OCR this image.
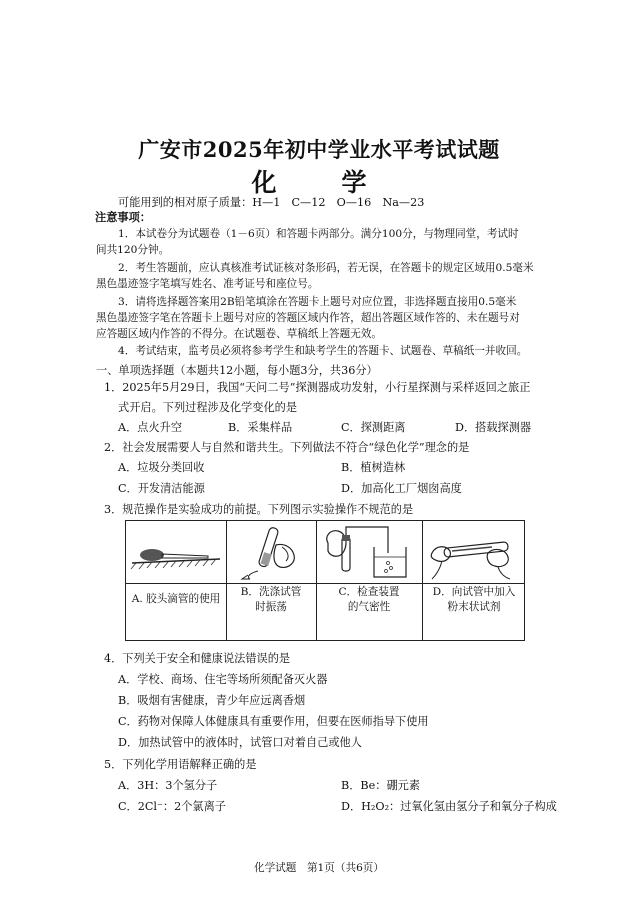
广安市2025年初中学业水平考试试题
化　学
可能用到的相对原子质量：H—1　C—12　O—16　Na—23
注意事项：
1．本试卷分为试题卷（1－6页）和答题卡两部分。满分100分，与物理同堂，考试时
间共120分钟。
2．考生答题前，应认真核准考试证核对条形码，若无误，在答题卡的规定区域用0.5毫米
黑色墨迹签字笔填写姓名、准考证号和座位号。
3．请将选择题答案用2B铅笔填涂在答题卡上题号对应位置，非选择题直接用0.5毫米
黑色墨迹签字笔在答题卡上题号对应的答题区域内作答，超出答题区域作答的、未在题号对
应答题区域内作答的不得分。在试题卷、草稿纸上答题无效。
4．考试结束，监考员必须将参考学生和缺考学生的答题卡、试题卷、草稿纸一并收回。
一、单项选择题（本题共12小题，每小题3分，共36分）
1．2025年5月29日，我国“天问二号”探测器成功发射，小行星探测与采样返回之旅正
式开启。下列过程涉及化学变化的是
A．点火升空	B．采集样品	C．探测距离	D．搭载探测器
2．社会发展需要人与自然和谐共生。下列做法不符合“绿色化学”理念的是
A．垃圾分类回收	B．植树造林
C．开发清洁能源	D．加高化工厂烟囱高度
3．规范操作是实验成功的前提。下列图示实验操作不规范的是
A. 胶头滴管的使用
B．洗涤试管
时振荡
C．检查装置
的气密性
D．向试管中加入
粉末状试剂
4．下列关于安全和健康说法错误的是
A．学校、商场、住宅等场所须配备灭火器
B．吸烟有害健康，青少年应远离香烟
C．药物对保障人体健康具有重要作用，但要在医师指导下使用
D．加热试管中的液体时，试管口对着自己或他人
5．下列化学用语解释正确的是
A．3H：3个氢分子	B．Be：硼元素
C．2Cl⁻：2个氯离子	D．H₂O₂：过氧化氢由氢分子和氧分子构成
化学试题　第1页（共6页）
